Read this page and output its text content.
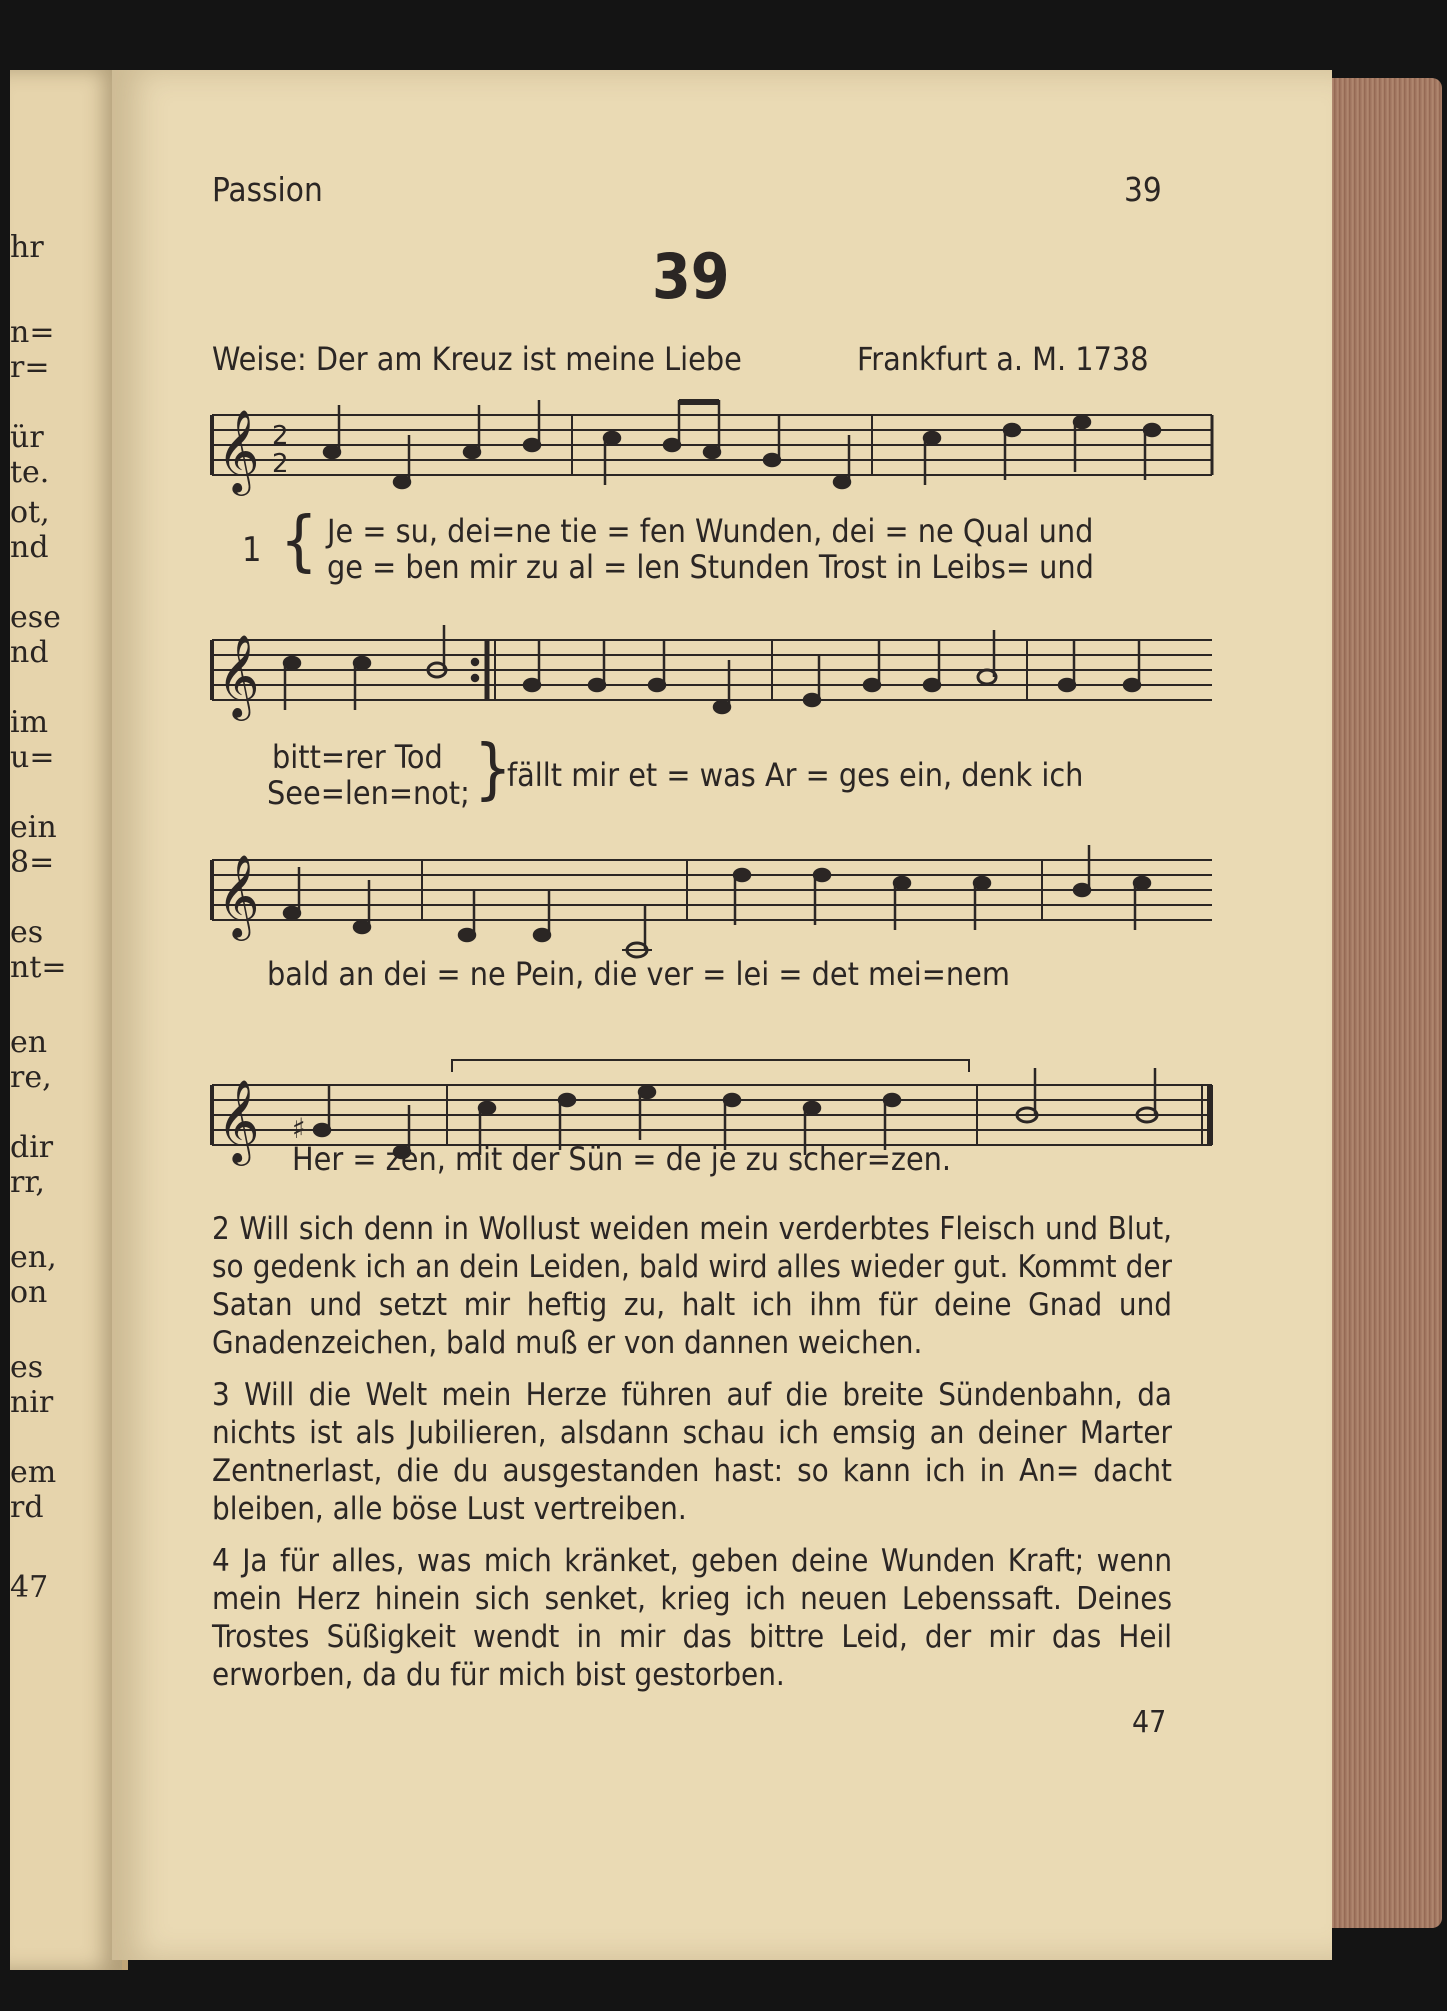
hr
n=
r=
ür
te.
ot,
nd
ese
nd
im
u=
ein
8=
es
nt=
en
re,
dir
rr,
en,
on
es
nir
em
rd
47
Passion	39
39
Weise: Der am Kreuz ist meine Liebe	Frankfurt a. M. 1738
𝄞 2
2
1 { Je = su, dei=ne tie = fen Wunden, dei = ne Qual und
ge = ben mir zu al = len Stunden Trost in Leibs= und
𝄞
bitt=rer Tod
See=len=not; }
fällt mir et = was Ar = ges ein, denk ich
𝄞
bald an dei = ne Pein, die ver = lei = det mei=nem
𝄞 ♯
Her = zen, mit der Sün = de je zu scher=zen.

2 Will sich denn in Wollust weiden mein verderbtes Fleisch und Blut, so gedenk ich an dein Leiden, bald wird alles wieder gut. Kommt der Satan und setzt mir heftig zu, halt ich ihm für deine Gnad und Gnadenzeichen, bald muß er von dannen weichen.

3 Will die Welt mein Herze führen auf die breite Sündenbahn, da nichts ist als Jubilieren, alsdann schau ich emsig an deiner Marter Zentnerlast, die du ausgestanden hast: so kann ich in An= dacht bleiben, alle böse Lust vertreiben.

4 Ja für alles, was mich kränket, geben deine Wunden Kraft; wenn mein Herz hinein sich senket, krieg ich neuen Lebenssaft. Deines Trostes Süßigkeit wendt in mir das bittre Leid, der mir das Heil erworben, da du für mich bist gestorben.

47
